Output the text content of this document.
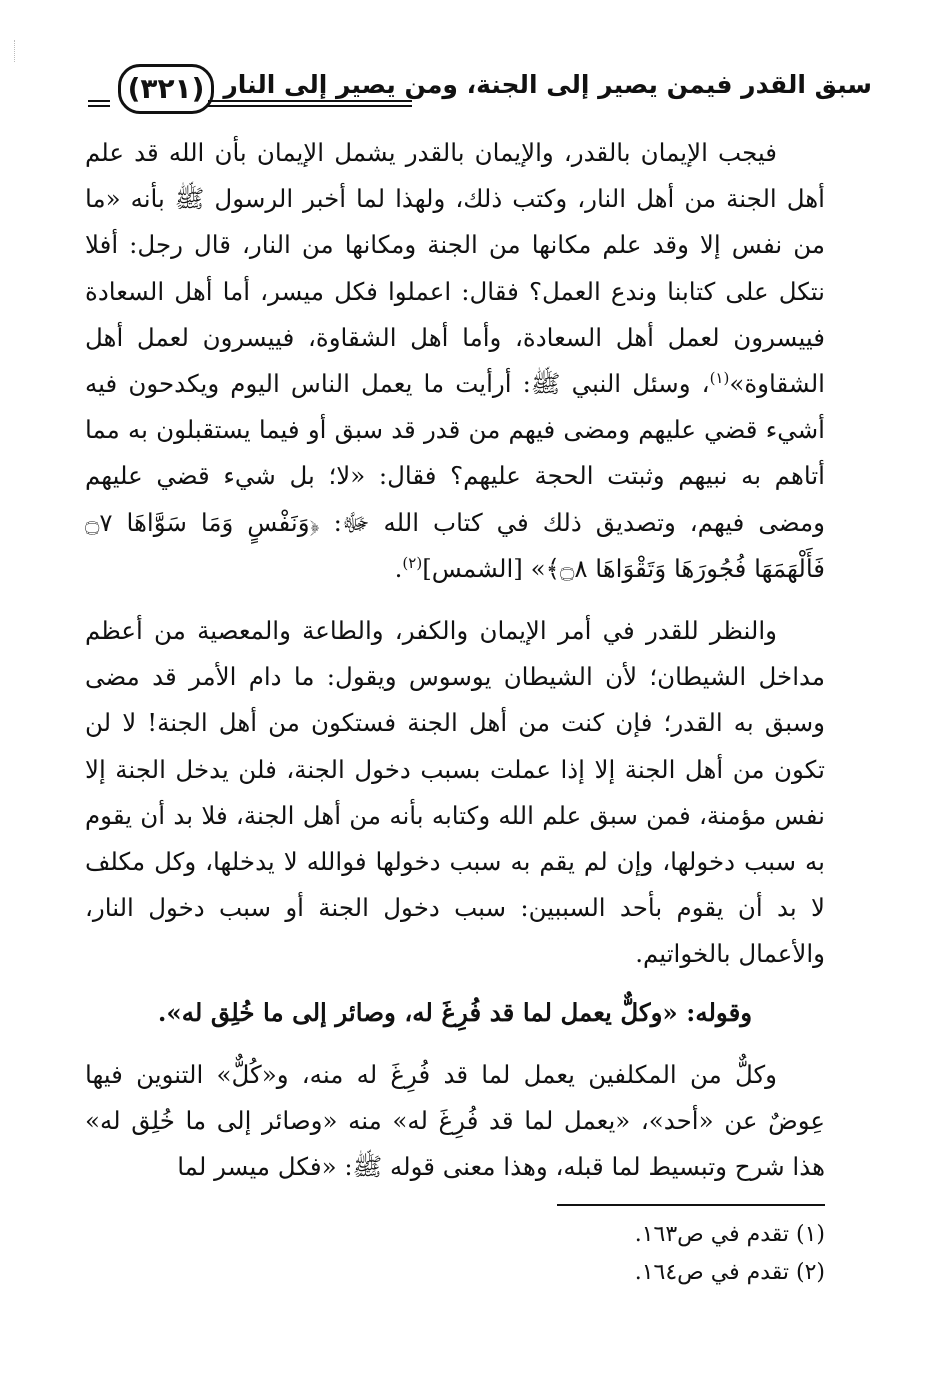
سبق القدر فيمن يصير إلى الجنة، ومن يصير إلى النار
(٣٢١)

فيجب الإيمان بالقدر، والإيمان بالقدر يشمل الإيمان بأن الله قد علم أهل الجنة من أهل النار، وكتب ذلك، ولهذا لما أخبر الرسول ﷺ بأنه «ما من نفس إلا وقد علم مكانها من الجنة ومكانها من النار، قال رجل: أفلا نتكل على كتابنا وندع العمل؟ فقال: اعملوا فكل ميسر، أما أهل السعادة فييسرون لعمل أهل السعادة، وأما أهل الشقاوة، فييسرون لعمل أهل الشقاوة»$^{(١)}$، وسئل النبي ﷺ: أرأيت ما يعمل الناس اليوم ويكدحون فيه أشيء قضي عليهم ومضى فيهم من قدر قد سبق أو فيما يستقبلون به مما أتاهم به نبيهم وثبتت الحجة عليهم؟ فقال: «لا؛ بل شيء قضي عليهم ومضى فيهم، وتصديق ذلك في كتاب الله ﷻ: ﴿وَنَفْسٍ وَمَا سَوَّاهَا ۝٧ فَأَلْهَمَهَا فُجُورَهَا وَتَقْوَاهَا ۝٨﴾» [الشمس]$^{(٢)}$.

والنظر للقدر في أمر الإيمان والكفر، والطاعة والمعصية من أعظم مداخل الشيطان؛ لأن الشيطان يوسوس ويقول: ما دام الأمر قد مضى وسبق به القدر؛ فإن كنت من أهل الجنة فستكون من أهل الجنة! لا لن تكون من أهل الجنة إلا إذا عملت بسبب دخول الجنة، فلن يدخل الجنة إلا نفس مؤمنة، فمن سبق علم الله وكتابه بأنه من أهل الجنة، فلا بد أن يقوم به سبب دخولها، وإن لم يقم به سبب دخولها فوالله لا يدخلها، وكل مكلف لا بد أن يقوم بأحد السببين: سبب دخول الجنة أو سبب دخول النار، والأعمال بالخواتيم.

وقوله: «وكلٌّ يعمل لما قد فُرِغَ له، وصائر إلى ما خُلِق له».

وكلٌّ من المكلفين يعمل لما قد فُرِغَ له منه، و«كُلٌّ» التنوين فيها عِوضٌ عن «أحد»، «يعمل لما قد فُرِغَ له» منه «وصائر إلى ما خُلِق له» هذا شرح وتبسيط لما قبله، وهذا معنى قوله ﷺ: «فكل ميسر لما

(١) تقدم في ص١٦٣.

(٢) تقدم في ص١٦٤.
